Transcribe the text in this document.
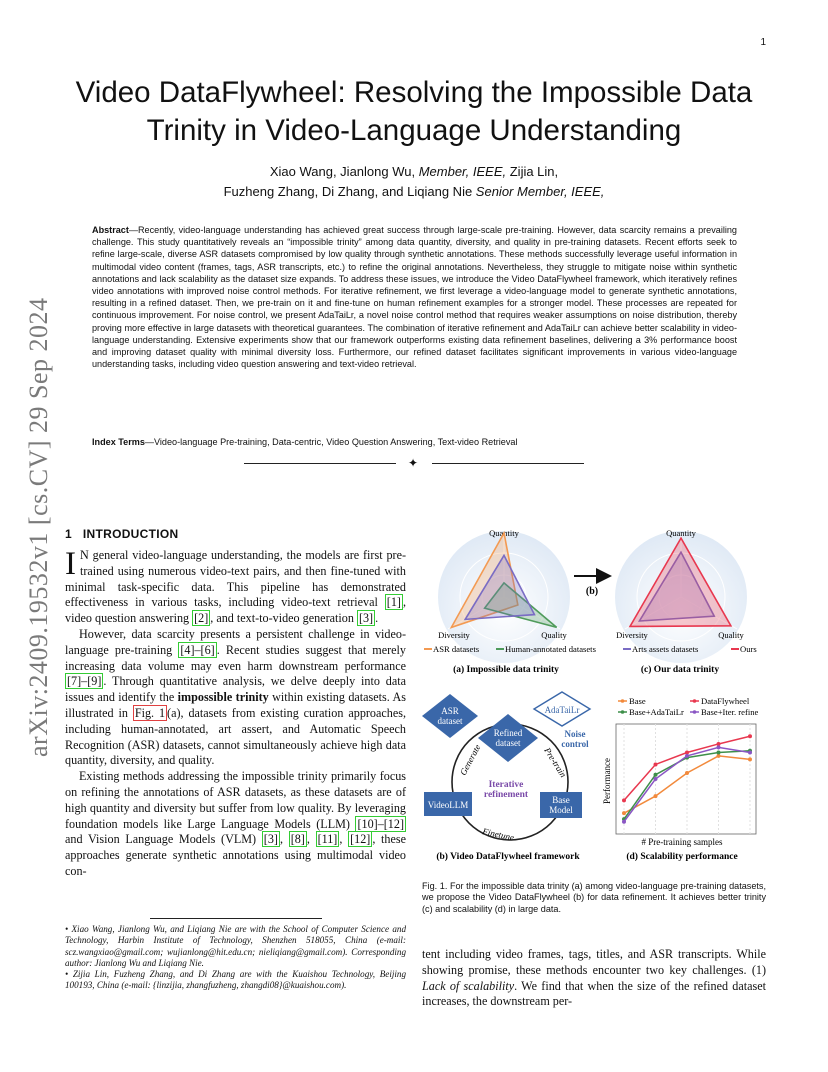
1
arXiv:2409.19532v1 [cs.CV] 29 Sep 2024
Video DataFlywheel: Resolving the Impossible Data Trinity in Video-Language Understanding
Xiao Wang, Jianlong Wu, Member, IEEE, Zijia Lin,
Fuzheng Zhang, Di Zhang, and Liqiang Nie Senior Member, IEEE,
Abstract—Recently, video-language understanding has achieved great success through large-scale pre-training. However, data scarcity remains a prevailing challenge. This study quantitatively reveals an “impossible trinity” among data quantity, diversity, and quality in pre-training datasets. Recent efforts seek to refine large-scale, diverse ASR datasets compromised by low quality through synthetic annotations. These methods successfully leverage useful information in multimodal video content (frames, tags, ASR transcripts, etc.) to refine the original annotations. Nevertheless, they struggle to mitigate noise within synthetic annotations and lack scalability as the dataset size expands. To address these issues, we introduce the Video DataFlywheel framework, which iteratively refines video annotations with improved noise control methods. For iterative refinement, we first leverage a video-language model to generate synthetic annotations, resulting in a refined dataset. Then, we pre-train on it and fine-tune on human refinement examples for a stronger model. These processes are repeated for continuous improvement. For noise control, we present AdaTaiLr, a novel noise control method that requires weaker assumptions on noise distribution, thereby proving more effective in large datasets with theoretical guarantees. The combination of iterative refinement and AdaTaiLr can achieve better scalability in video-language understanding. Extensive experiments show that our framework outperforms existing data refinement baselines, delivering a 3% performance boost and improving dataset quality with minimal diversity loss. Furthermore, our refined dataset facilitates significant improvements in various video-language understanding tasks, including video question answering and text-video retrieval.
Index Terms—Video-language Pre-training, Data-centric, Video Question Answering, Text-video Retrieval
✦
1 INTRODUCTION

I N general video-language understanding, the models are first pre-trained using numerous video-text pairs, and then fine-tuned with minimal task-specific data. This pipeline has demonstrated effectiveness in various tasks, including video-text retrieval [1] , video question answering [2] , and text-to-video generation [3] .

However, data scarcity presents a persistent challenge in video-language pre-training [4]–[6] . Recent studies suggest that merely increasing data volume may even harm downstream performance [7]–[9] . Through quantitative analysis, we delve deeply into data issues and identify the impossible trinity within existing datasets. As illustrated in Fig. 1 (a), datasets from existing curation approaches, including human-annotated, art assert, and Automatic Speech Recognition (ASR) datasets, cannot simultaneously achieve high data quantity, diversity, and quality.

Existing methods addressing the impossible trinity primarily focus on refining the annotations of ASR datasets, as these datasets are of high quantity and diversity but suffer from low quality. By leveraging foundation models like Large Language Models (LLM) [10]–[12] and Vision Language Models (VLM) [3] , [8] , [11] , [12] , these approaches generate synthetic annotations using multimodal video con-

• Xiao Wang, Jianlong Wu, and Liqiang Nie are with the School of Computer Science and Technology, Harbin Institute of Technology, Shenzhen 518055, China (e-mail: scz.wangxiao@gmail.com; wujianlong@hit.edu.cn; nieliqiang@gmail.com). Corresponding author: Jianlong Wu and Liqiang Nie.
• Zijia Lin, Fuzheng Zhang, and Di Zhang are with the Kuaishou Technology, Beijing 100193, China (e-mail: {linzijia, zhangfuzheng, zhangdi08}@kuaishou.com).
Quantity
Diversity	Quality
(b)
Quantity
Diversity	Quality
ASR datasets	Human-annotated datasets	Arts assets datasets	Ours
(a) Impossible data trinity	(c) Our data trinity
ASR
dataset
Refined
dataset
AdaTaiLr
Noise
control
Generate	Pre-train
Iterative
refinement
VideoLLM	Base
Model
Finetune
(b) Video DataFlywheel framework
Base	DataFlywheel
Base+AdaTaiLr Base+Iter. refine
Performance
# Pre-training samples
(d) Scalability performance
Fig. 1. For the impossible data trinity (a) among video-language pre-training datasets, we propose the Video DataFlywheel (b) for data refinement. It achieves better trinity (c) and scalability (d) in large data.
tent including video frames, tags, titles, and ASR transcripts. While showing promise, these methods encounter two key challenges. (1) Lack of scalability. We find that when the size of the refined dataset increases, the downstream per-
